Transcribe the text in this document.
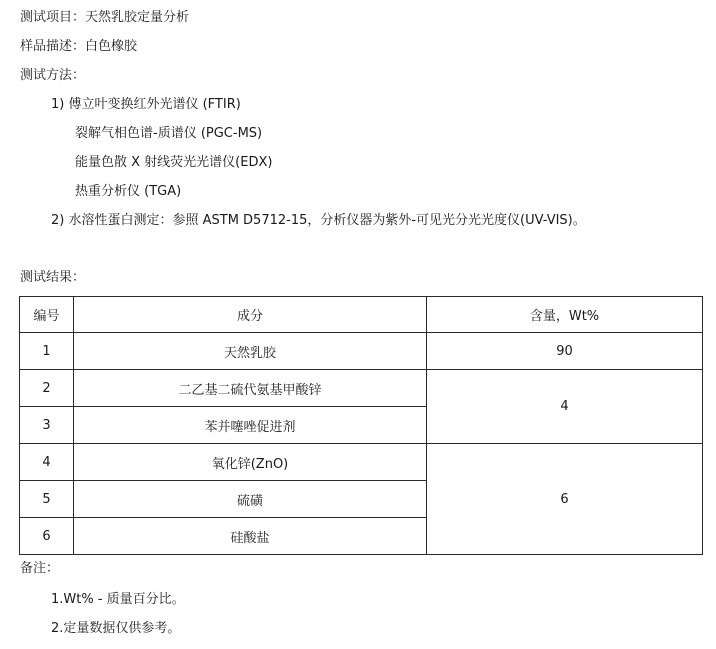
测试项目：天然乳胶定量分析
样品描述：白色橡胶
测试方法：
1) 傅立叶变换红外光谱仪 (FTIR)
裂解气相色谱-质谱仪 (PGC-MS)
能量色散 X 射线荧光光谱仪(EDX)
热重分析仪 (TGA)
2) 水溶性蛋白测定：参照 ASTM D5712-15，分析仪器为紫外-可见光分光光度仪(UV-VIS)。
测试结果：
编号	成分	含量，Wt%
1	天然乳胶	90
2	二乙基二硫代氨基甲酸锌	4
3	苯并噻唑促进剂	
4	氧化锌(ZnO)	6
5	硫磺	
6	硅酸盐	
备注：
1.Wt% - 质量百分比。
2.定量数据仅供参考。
